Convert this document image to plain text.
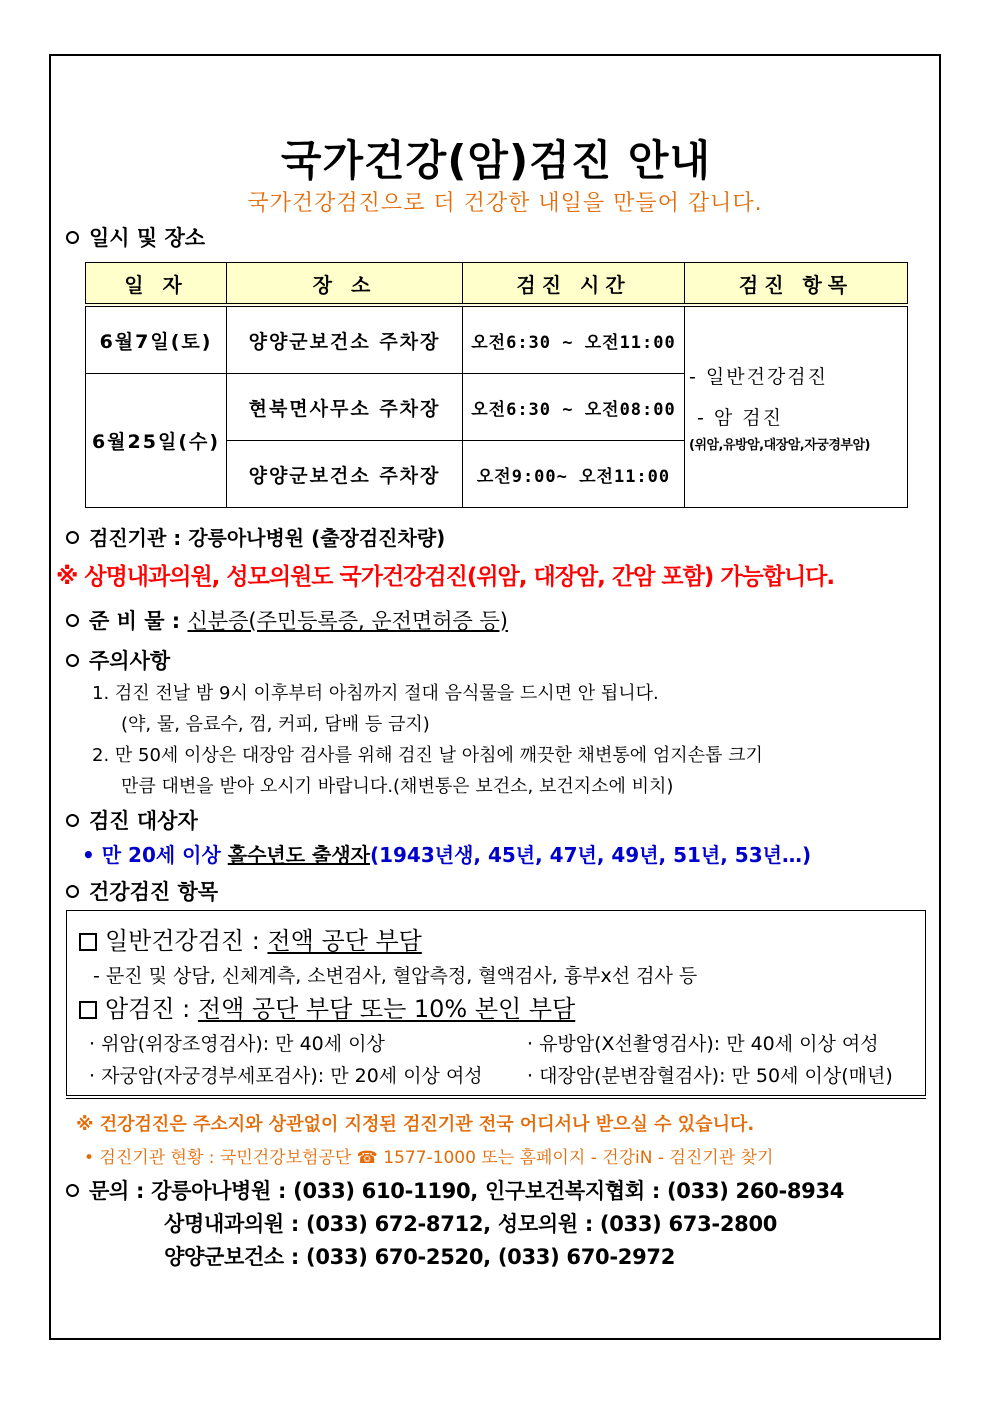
국가건강(암)검진 안내
국가건강검진으로 더 건강한 내일을 만들어 갑니다.
일시 및 장소
일 자	장 소	검진 시간	검진 항목
6월7일(토)	양양군보건소 주차장	오전6:30 ~ 오전11:00	- 일반건강검진
- 암 검진
(위암,유방암,대장암,자궁경부암)

6월25일(수)	현북면사무소 주차장	오전6:30 ~ 오전08:00	
	양양군보건소 주차장	오전9:00~ 오전11:00	
검진기관 : 강릉아나병원 (출장검진차량)
※ 상명내과의원, 성모의원도 국가건강검진(위암, 대장암, 간암 포함) 가능합니다.
준 비 물 : 신분증(주민등록증, 운전면허증 등)
주의사항
1. 검진 전날 밤 9시 이후부터 아침까지 절대 음식물을 드시면 안 됩니다.
(약, 물, 음료수, 껌, 커피, 담배 등 금지)
2. 만 50세 이상은 대장암 검사를 위해 검진 날 아침에 깨끗한 채변통에 엄지손톱 크기
만큼 대변을 받아 오시기 바랍니다.(채변통은 보건소, 보건지소에 비치)
검진 대상자
• 만 20세 이상 홀수년도 출생자(1943년생, 45년, 47년, 49년, 51년, 53년…)
건강검진 항목
일반건강검진 : 전액 공단 부담
- 문진 및 상담, 신체계측, 소변검사, 혈압측정, 혈액검사, 흉부x선 검사 등
암검진 : 전액 공단 부담 또는 10% 본인 부담
· 위암(위장조영검사): 만 40세 이상	· 유방암(X선촬영검사): 만 40세 이상 여성
· 자궁암(자궁경부세포검사): 만 20세 이상 여성 · 대장암(분변잠혈검사): 만 50세 이상(매년)
※ 건강검진은 주소지와 상관없이 지정된 검진기관 전국 어디서나 받으실 수 있습니다.
• 검진기관 현황 : 국민건강보험공단 ☎ 1577-1000 또는 홈페이지 - 건강iN - 검진기관 찾기
문의 : 강릉아나병원 : (033) 610-1190, 인구보건복지협회 : (033) 260-8934
상명내과의원 : (033) 672-8712, 성모의원 : (033) 673-2800
양양군보건소 : (033) 670-2520, (033) 670-2972
